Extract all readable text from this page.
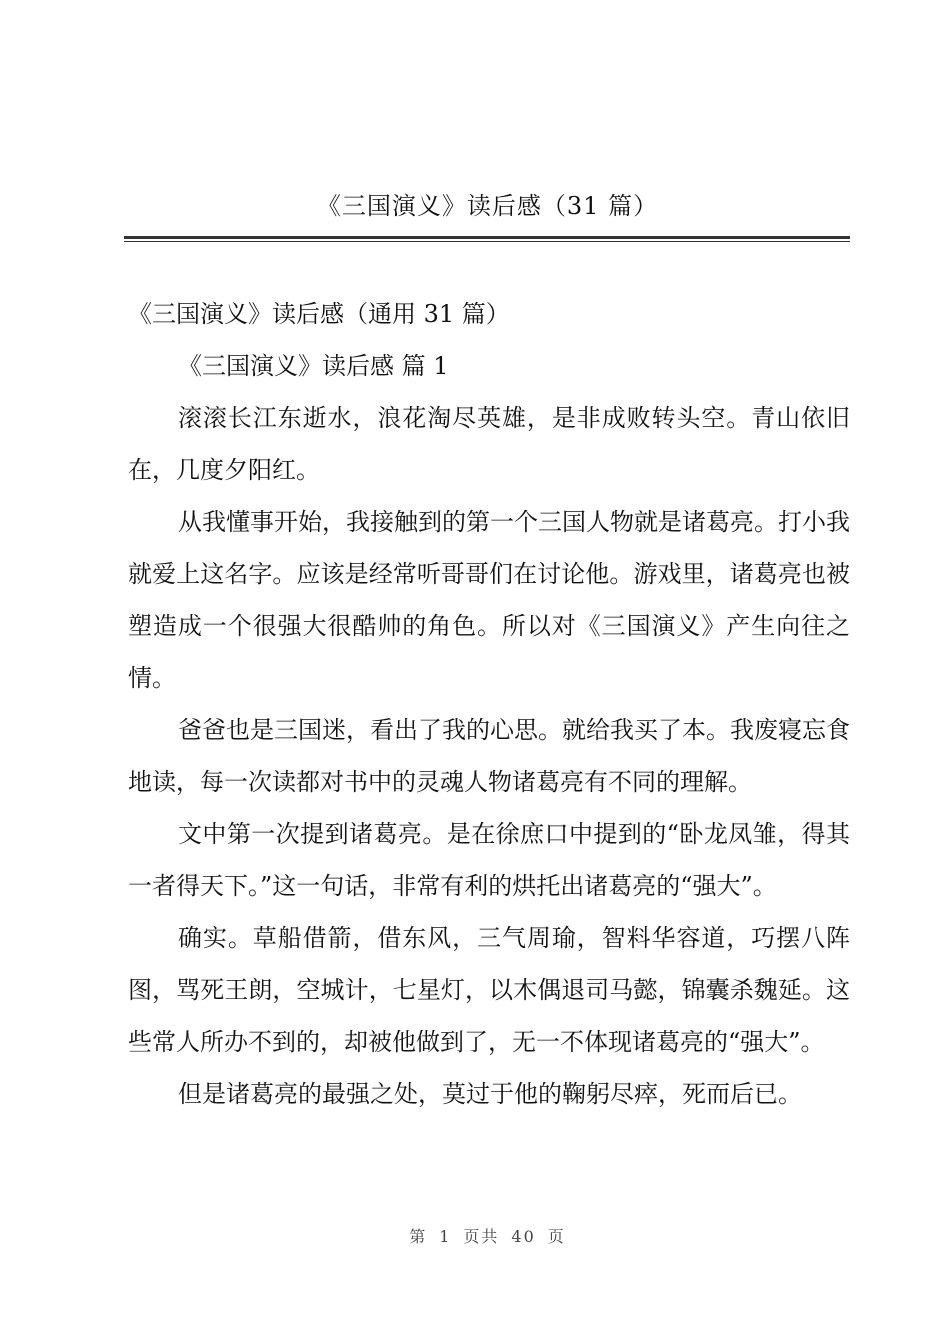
《三国演义》读后感（31 篇）

《三国演义》读后感（通用 31 篇）

《三国演义》读后感 篇 1

滚滚长江东逝水，浪花淘尽英雄，是非成败转头空。青山依旧在，几度夕阳红。

从我懂事开始，我接触到的第一个三国人物就是诸葛亮。打小我就爱上这名字。应该是经常听哥哥们在讨论他。游戏里，诸葛亮也被塑造成一个很强大很酷帅的角色。所以对《三国演义》产生向往之情。

爸爸也是三国迷，看出了我的心思。就给我买了本。我废寝忘食地读，每一次读都对书中的灵魂人物诸葛亮有不同的理解。

文中第一次提到诸葛亮。是在徐庶口中提到的“卧龙凤雏，得其一者得天下。”这一句话，非常有利的烘托出诸葛亮的“强大”。

确实。草船借箭，借东风，三气周瑜，智料华容道，巧摆八阵图，骂死王朗，空城计，七星灯，以木偶退司马懿，锦囊杀魏延。这些常人所办不到的，却被他做到了，无一不体现诸葛亮的“强大”。

但是诸葛亮的最强之处，莫过于他的鞠躬尽瘁，死而后已。

第 1 页共 40 页
